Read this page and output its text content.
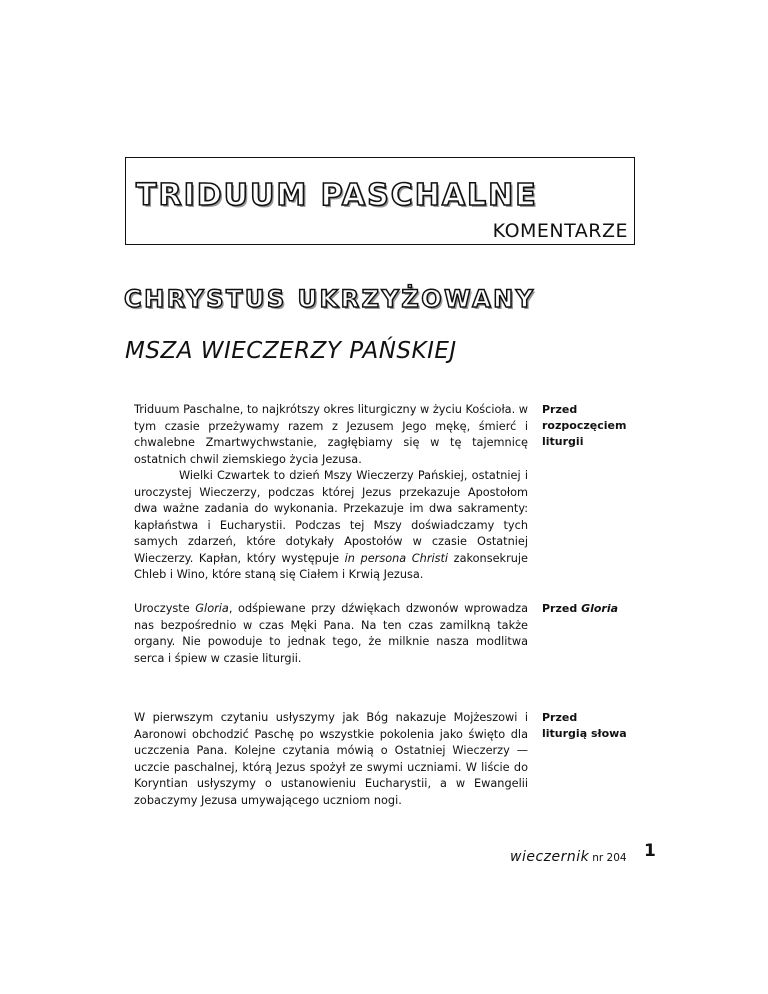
TRIDUUM PASCHALNE
KOMENTARZE
CHRYSTUS UKRZYŻOWANY
MSZA WIECZERZY PAŃSKIEJ

Triduum Paschalne, to najkrótszy okres liturgiczny w życiu Kościoła. w tym czasie przeżywamy razem z Jezusem Jego mękę, śmierć i chwalebne Zmartwychwstanie, zagłębiamy się w tę tajemnicę ostatnich chwil ziemskiego życia Jezusa.

Wielki Czwartek to dzień Mszy Wieczerzy Pańskiej, ostatniej i uroczystej Wieczerzy, podczas której Jezus przekazuje Apostołom dwa ważne zadania do wykonania. Przekazuje im dwa sakramenty: kapłaństwa i Eucharystii. Podczas tej Mszy doświadczamy tych samych zdarzeń, które dotykały Apostołów w czasie Ostatniej Wieczerzy. Kapłan, który występuje in persona Christi zakonsekruje Chleb i Wino, które staną się Ciałem i Krwią Jezusa.

Przed
rozpoczęciem
liturgii

Uroczyste Gloria, odśpiewane przy dźwiękach dzwonów wprowadza nas bezpośrednio w czas Męki Pana. Na ten czas zamilkną także organy. Nie powoduje to jednak tego, że milknie nasza modlitwa serca i śpiew w czasie liturgii.

Przed Gloria

W pierwszym czytaniu usłyszymy jak Bóg nakazuje Mojżeszowi i Aaronowi obchodzić Paschę po wszystkie pokolenia jako święto dla uczczenia Pana. Kolejne czytania mówią o Ostatniej Wieczerzy — uczcie paschalnej, którą Jezus spożył ze swymi uczniami. W liście do Koryntian usłyszymy o ustanowieniu Eucharystii, a w Ewangelii zobaczymy Jezusa umywającego uczniom nogi.

Przed
liturgią słowa
wieczernik nr 204 1
